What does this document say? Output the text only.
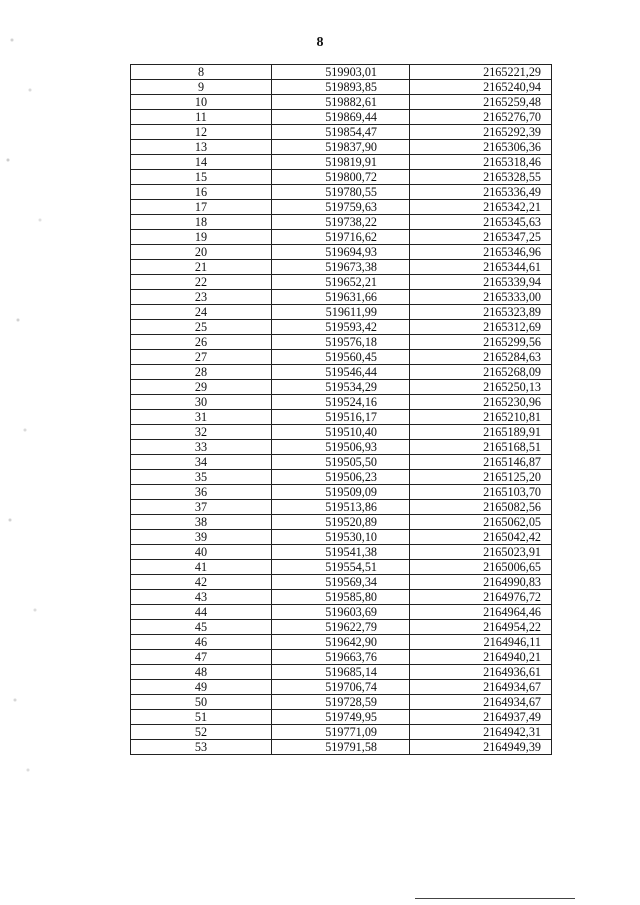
8
8	519903,01	2165221,29
9	519893,85	2165240,94
10	519882,61	2165259,48
11	519869,44	2165276,70
12	519854,47	2165292,39
13	519837,90	2165306,36
14	519819,91	2165318,46
15	519800,72	2165328,55
16	519780,55	2165336,49
17	519759,63	2165342,21
18	519738,22	2165345,63
19	519716,62	2165347,25
20	519694,93	2165346,96
21	519673,38	2165344,61
22	519652,21	2165339,94
23	519631,66	2165333,00
24	519611,99	2165323,89
25	519593,42	2165312,69
26	519576,18	2165299,56
27	519560,45	2165284,63
28	519546,44	2165268,09
29	519534,29	2165250,13
30	519524,16	2165230,96
31	519516,17	2165210,81
32	519510,40	2165189,91
33	519506,93	2165168,51
34	519505,50	2165146,87
35	519506,23	2165125,20
36	519509,09	2165103,70
37	519513,86	2165082,56
38	519520,89	2165062,05
39	519530,10	2165042,42
40	519541,38	2165023,91
41	519554,51	2165006,65
42	519569,34	2164990,83
43	519585,80	2164976,72
44	519603,69	2164964,46
45	519622,79	2164954,22
46	519642,90	2164946,11
47	519663,76	2164940,21
48	519685,14	2164936,61
49	519706,74	2164934,67
50	519728,59	2164934,67
51	519749,95	2164937,49
52	519771,09	2164942,31
53	519791,58	2164949,39
